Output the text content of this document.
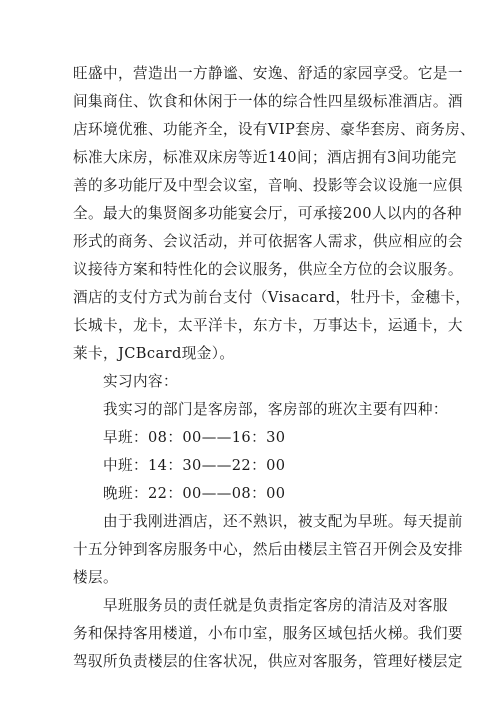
旺盛中，营造出一方静谧、安逸、舒适的家园享受。它是一
间集商住、饮食和休闲于一体的综合性四星级标准酒店。酒
店环境优雅、功能齐全，设有VIP套房、豪华套房、商务房、
标准大床房，标准双床房等近140间；酒店拥有3间功能完
善的多功能厅及中型会议室，音响、投影等会议设施一应俱
全。最大的集贤阁多功能宴会厅，可承接200人以内的各种
形式的商务、会议活动，并可依据客人需求，供应相应的会
议接待方案和特性化的会议服务，供应全方位的会议服务。
酒店的支付方式为前台支付（Visacard，牡丹卡，金穗卡，
长城卡，龙卡，太平洋卡，东方卡，万事达卡，运通卡，大
莱卡，JCBcard现金）。
实习内容：
我实习的部门是客房部，客房部的班次主要有四种：
早班：08：00——16：30
中班：14：30——22：00
晚班：22：00——08：00
由于我刚进酒店，还不熟识，被支配为早班。每天提前
十五分钟到客房服务中心，然后由楼层主管召开例会及安排
楼层。
早班服务员的责任就是负责指定客房的清洁及对客服
务和保持客用楼道，小布巾室，服务区域包括火梯。我们要
驾驭所负责楼层的住客状况，供应对客服务，管理好楼层定
